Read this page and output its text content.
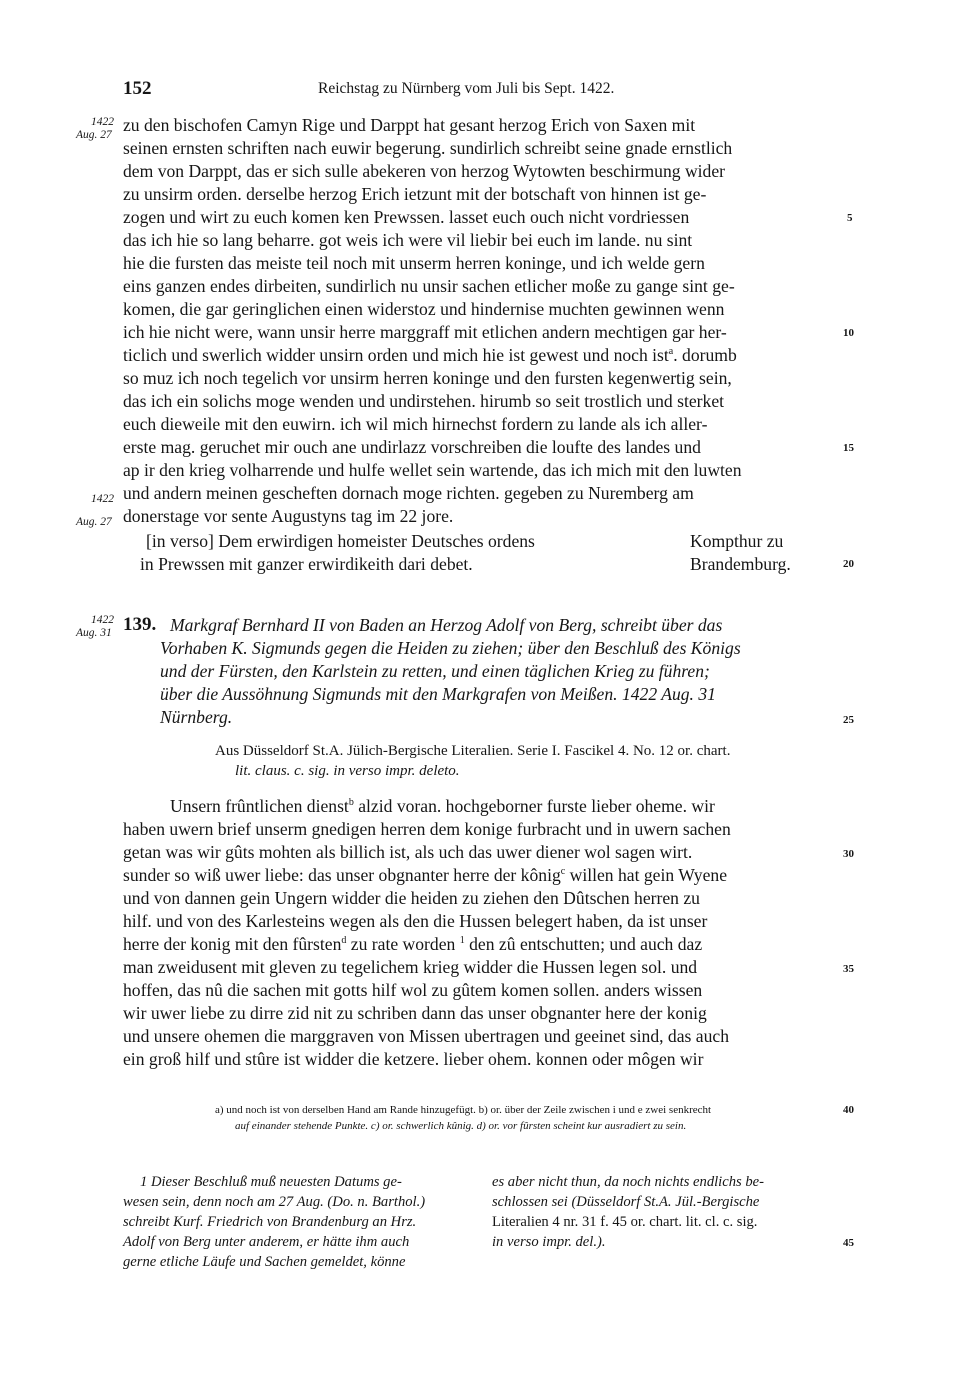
152	Reichstag zu Nürnberg vom Juli bis Sept. 1422.
1422
Aug. 27
1422
Aug. 27
1422
Aug. 31
zu den bischofen Camyn Rige und Darppt hat gesant herzog Erich von Saxen mit
seinen ernsten schriften nach euwir begerung. sundirlich schreibt seine gnade ernstlich
dem von Darppt, das er sich sulle abekeren von herzog Wytowten beschirmung wider
zu unsirm orden. derselbe herzog Erich ietzunt mit der botschaft von hinnen ist ge-
zogen und wirt zu euch komen ken Prewssen. lasset euch ouch nicht vordriessen
das ich hie so lang beharre. got weis ich were vil liebir bei euch im lande. nu sint
hie die fursten das meiste teil noch mit unserm herren koninge, und ich welde gern
eins ganzen endes dirbeiten, sundirlich nu unsir sachen etlicher moße zu gange sint ge-
komen, die gar geringlichen einen widerstoz und hindernise muchten gewinnen wenn
ich hie nicht were, wann unsir herre marggraff mit etlichen andern mechtigen gar her-
ticlich und swerlich widder unsirn orden und mich hie ist gewest und noch ist$^a$. dorumb
so muz ich noch tegelich vor unsirm herren koninge und den fursten kegenwertig sein,
das ich ein solichs moge wenden und undirstehen. hirumb so seit trostlich und sterket
euch dieweile mit den euwirn. ich wil mich hirnechst fordern zu lande als ich aller-
erste mag. geruchet mir ouch ane undirlazz vorschreiben die loufte des landes und
ap ir den krieg volharrende und hulfe wellet sein wartende, das ich mich mit den luwten
und andern meinen gescheften dornach moge richten. gegeben zu Nuremberg am
donerstage vor sente Augustyns tag im 22 jore.
[in verso] Dem erwirdigen homeister Deutsches ordens
in Prewssen mit ganzer erwirdikeith dari debet.
Kompthur zu
Brandemburg.
139. Markgraf Bernhard II von Baden an Herzog Adolf von Berg, schreibt über das
Vorhaben K. Sigmunds gegen die Heiden zu ziehen; über den Beschluß des Königs
und der Fürsten, den Karlstein zu retten, und einen täglichen Krieg zu führen;
über die Aussöhnung Sigmunds mit den Markgrafen von Meißen. 1422 Aug. 31
Nürnberg.
Aus Düsseldorf St.A. Jülich-Bergische Literalien. Serie I. Fascikel 4. No. 12 or. chart.
lit. claus. c. sig. in verso impr. deleto.
Unsern frûntlichen dienst$^b$ alzid voran. hochgeborner furste lieber oheme. wir
haben uwern brief unserm gnedigen herren dem konige furbracht und in uwern sachen
getan was wir gûts mohten als billich ist, als uch das uwer diener wol sagen wirt.
sunder so wiß uwer liebe: das unser obgnanter herre der kônig$^c$ willen hat gein Wyene
und von dannen gein Ungern widder die heiden zu ziehen den Dûtschen herren zu
hilf. und von des Karlesteins wegen als den die Hussen belegert haben, da ist unser
herre der konig mit den fûrsten$^d$ zu rate worden $^1$ den zû entschutten; und auch daz
man zweidusent mit gleven zu tegelichem krieg widder die Hussen legen sol. und
hoffen, das nû die sachen mit gotts hilf wol zu gûtem komen sollen. anders wissen
wir uwer liebe zu dirre zid nit zu schriben dann das unser obgnanter here der konig
und unsere ohemen die marggraven von Missen ubertragen und geeinet sind, das auch
ein groß hilf und stûre ist widder die ketzere. lieber ohem. konnen oder môgen wir
a) und noch ist von derselben Hand am Rande hinzugefügt. b) or. über der Zeile zwischen i und e zwei senkrecht
auf einander stehende Punkte. c) or. schwerlich kûnig. d) or. vor fûrsten scheint kur ausradiert zu sein.
1 Dieser Beschluß muß neuesten Datums ge-
wesen sein, denn noch am 27 Aug. (Do. n. Barthol.)
schreibt Kurf. Friedrich von Brandenburg an Hrz.
Adolf von Berg unter anderem, er hätte ihm auch
gerne etliche Läufe und Sachen gemeldet, könne
es aber nicht thun, da noch nichts endlichs be-
schlossen sei (Düsseldorf St.A. Jül.-Bergische
Literalien 4 nr. 31 f. 45 or. chart. lit. cl. c. sig.
in verso impr. del.).
5
10
15
20
25
30
35
40
45
